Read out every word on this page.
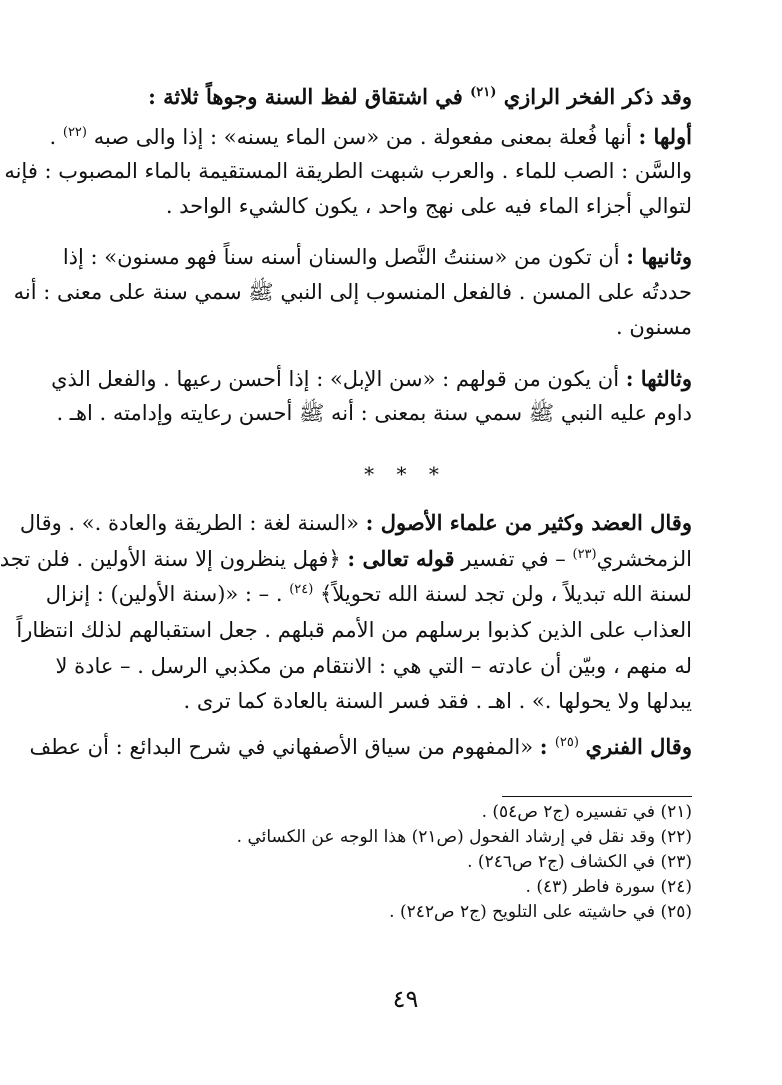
وقد ذكر الفخر الرازي $^{(٢١)}$ في اشتقاق لفظ السنة وجوهاً ثلاثة :
أولها : أنها فُعلة بمعنى مفعولة . من «سن الماء يسنه» : إذا والى صبه $^{(٢٢)}$ .
والسَّن : الصب للماء . والعرب شبهت الطريقة المستقيمة بالماء المصبوب : فإنه
لتوالي أجزاء الماء فيه على نهج واحد ، يكون كالشيء الواحد .
وثانيها : أن تكون من «سننتُ النَّصل والسنان أسنه سناً فهو مسنون» : إذا
حددتُه على المسن . فالفعل المنسوب إلى النبي ﷺ سمي سنة على معنى : أنه
مسنون .
وثالثها : أن يكون من قولهم : «سن الإبل» : إذا أحسن رعيها . والفعل الذي
داوم عليه النبي ﷺ سمي سنة بمعنى : أنه ﷺ أحسن رعايته وإدامته . اهـ .
* * *
وقال العضد وكثير من علماء الأصول : «السنة لغة : الطريقة والعادة .» . وقال
الزمخشري$^{(٢٣)}$ – في تفسير قوله تعالى : ﴿فهل ينظرون إلا سنة الأولين . فلن تجد
لسنة الله تبديلاً ، ولن تجد لسنة الله تحويلاً﴾ $^{(٢٤)}$ . – : «(سنة الأولين) : إنزال
العذاب على الذين كذبوا برسلهم من الأمم قبلهم . جعل استقبالهم لذلك انتظاراً
له منهم ، وبيّن أن عادته – التي هي : الانتقام من مكذبي الرسل . – عادة لا
يبدلها ولا يحولها .» . اهـ . فقد فسر السنة بالعادة كما ترى .
وقال الفنري $^{(٢٥)}$ : «المفهوم من سياق الأصفهاني في شرح البدائع : أن عطف
(٢١) في تفسيره (ج٢ ص٥٤) .
(٢٢) وقد نقل في إرشاد الفحول (ص٢١) هذا الوجه عن الكسائي .
(٢٣) في الكشاف (ج٢ ص٢٤٦) .
(٢٤) سورة فاطر (٤٣) .
(٢٥) في حاشيته على التلويح (ج٢ ص٢٤٢) .
٤٩
